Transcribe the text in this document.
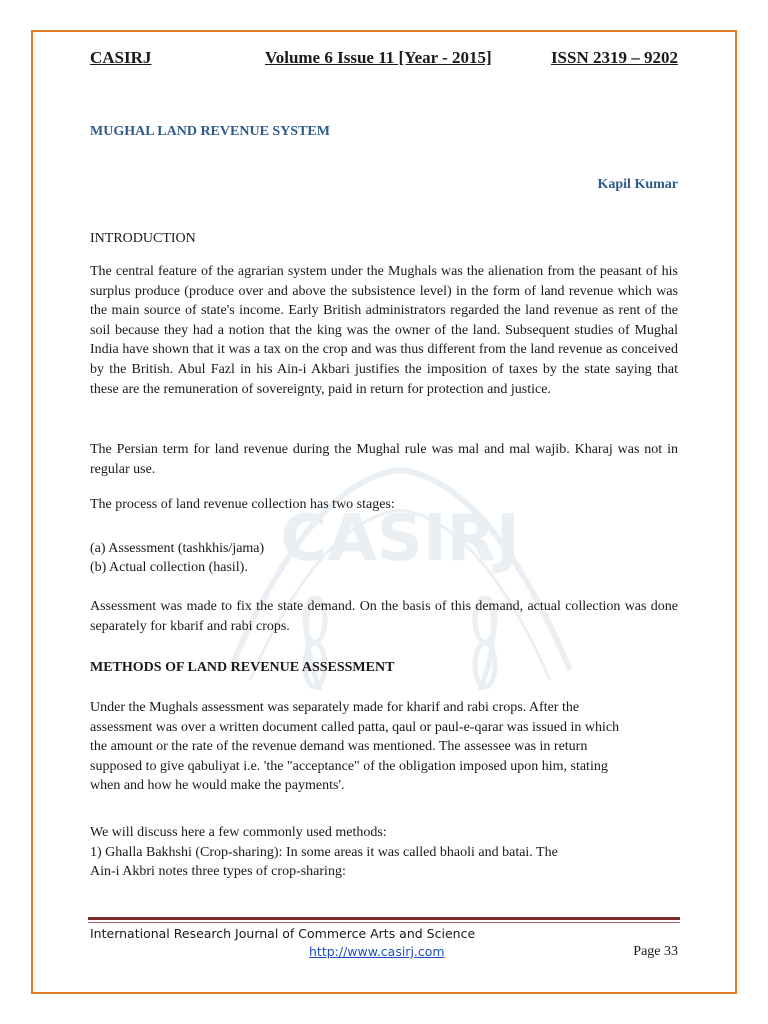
CASIRJ
CASIRJ	Volume 6 Issue 11 [Year - 2015]	ISSN 2319 – 9202
MUGHAL LAND REVENUE SYSTEM
Kapil Kumar
INTRODUCTION
The central feature of the agrarian system under the Mughals was the alienation from the peasant of his surplus produce (produce over and above the subsistence level) in the form of land revenue which was the main source of state's income. Early British administrators regarded the land revenue as rent of the soil because they had a notion that the king was the owner of the land. Subsequent studies of Mughal India have shown that it was a tax on the crop and was thus different from the land revenue as conceived by the British. Abul Fazl in his Ain-i Akbari justifies the imposition of taxes by the state saying that these are the remuneration of sovereignty, paid in return for protection and justice.
The Persian term for land revenue during the Mughal rule was mal and mal wajib. Kharaj was not in regular use.
The process of land revenue collection has two stages:
(a) Assessment (tashkhis/jama)
(b) Actual collection (hasil).
Assessment was made to fix the state demand. On the basis of this demand, actual collection was done separately for kbarif and rabi crops.
METHODS OF LAND REVENUE ASSESSMENT
Under the Mughals assessment was separately made for kharif and rabi crops. After the
assessment was over a written document called patta, qaul or paul-e-qarar was issued in which
the amount or the rate of the revenue demand was mentioned. The assessee was in return
supposed to give qabuliyat i.e. 'the "acceptance" of the obligation imposed upon him, stating
when and how he would make the payments'.
We will discuss here a few commonly used methods:
1) Ghalla Bakhshi (Crop-sharing): In some areas it was called bhaoli and batai. The
Ain-i Akbri notes three types of crop-sharing:
International Research Journal of Commerce Arts and Science
http://www.casirj.com	Page 33
